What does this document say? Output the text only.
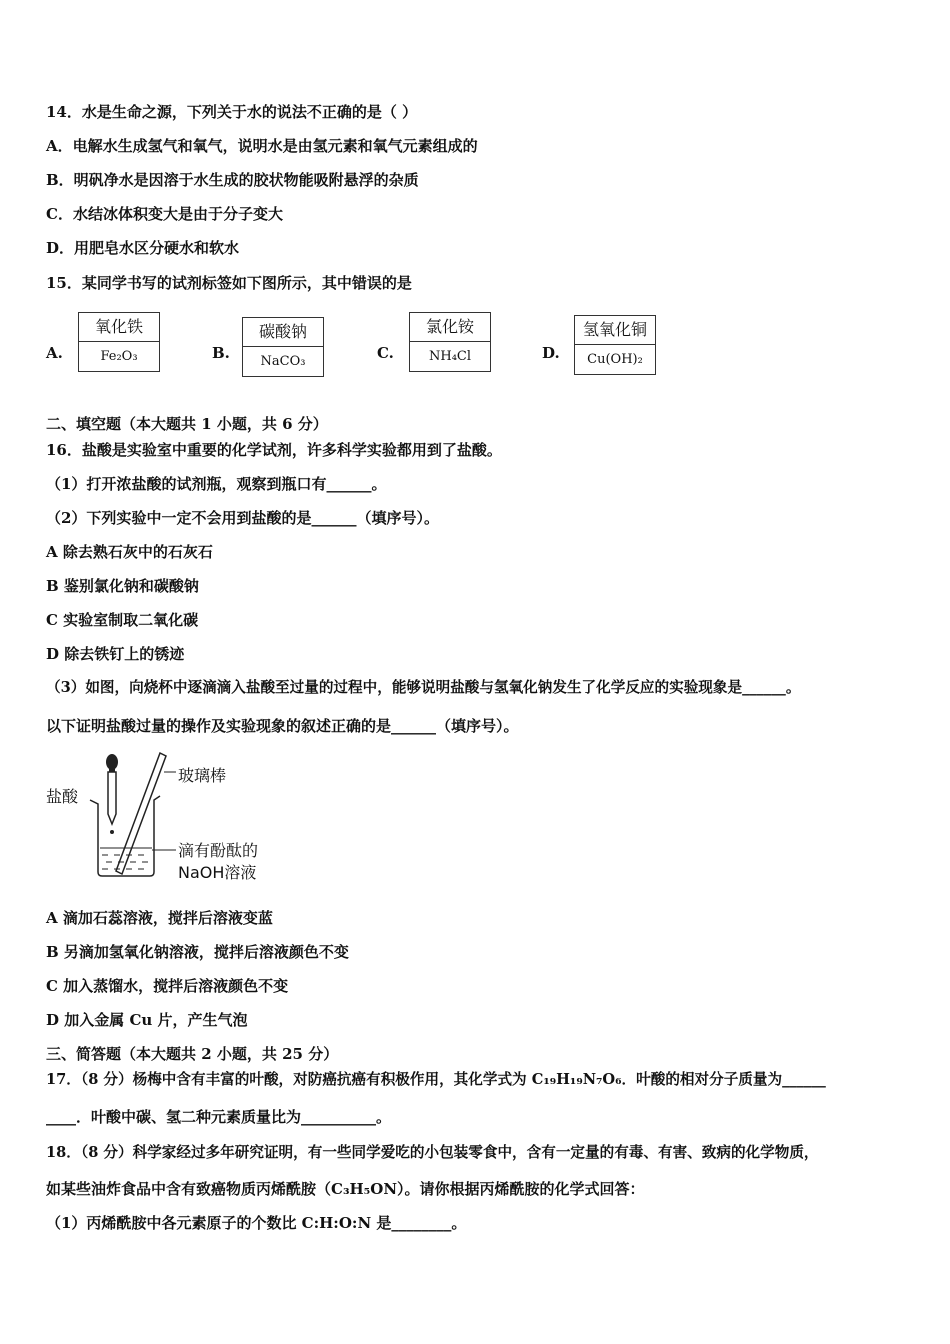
14．水是生命之源，下列关于水的说法不正确的是（ ）
A．电解水生成氢气和氧气，说明水是由氢元素和氧气元素组成的
B．明矾净水是因溶于水生成的胶状物能吸附悬浮的杂质
C．水结冰体积变大是由于分子变大
D．用肥皂水区分硬水和软水
15．某同学书写的试剂标签如下图所示，其中错误的是
A.
氧化铁
Fe₂O₃	B.
碳酸钠
NaCO₃	C.
氯化铵
NH₄Cl	D.
氢氧化铜
Cu(OH)₂
二、填空题（本大题共 1 小题，共 6 分）
16．盐酸是实验室中重要的化学试剂，许多科学实验都用到了盐酸。
（1）打开浓盐酸的试剂瓶，观察到瓶口有______。
（2）下列实验中一定不会用到盐酸的是______（填序号）。
A 除去熟石灰中的石灰石
B 鉴别氯化钠和碳酸钠
C 实验室制取二氧化碳
D 除去铁钉上的锈迹
（3）如图，向烧杯中逐滴滴入盐酸至过量的过程中，能够说明盐酸与氢氧化钠发生了化学反应的实验现象是______。
以下证明盐酸过量的操作及实验现象的叙述正确的是______（填序号）。
盐酸
玻璃棒
滴有酚酞的
NaOH溶液
A 滴加石蕊溶液，搅拌后溶液变蓝
B 另滴加氢氧化钠溶液，搅拌后溶液颜色不变
C 加入蒸馏水，搅拌后溶液颜色不变
D 加入金属 Cu 片，产生气泡
三、简答题（本大题共 2 小题，共 25 分）
17．（8 分）杨梅中含有丰富的叶酸，对防癌抗癌有积极作用，其化学式为 C₁₉H₁₉N₇O₆．叶酸的相对分子质量为______
____．叶酸中碳、氢二种元素质量比为__________。
18．（8 分）科学家经过多年研究证明，有一些同学爱吃的小包装零食中，含有一定量的有毒、有害、致病的化学物质，
如某些油炸食品中含有致癌物质丙烯酰胺（C₃H₅ON）。请你根据丙烯酰胺的化学式回答：
（1）丙烯酰胺中各元素原子的个数比 C:H:O:N 是________。
